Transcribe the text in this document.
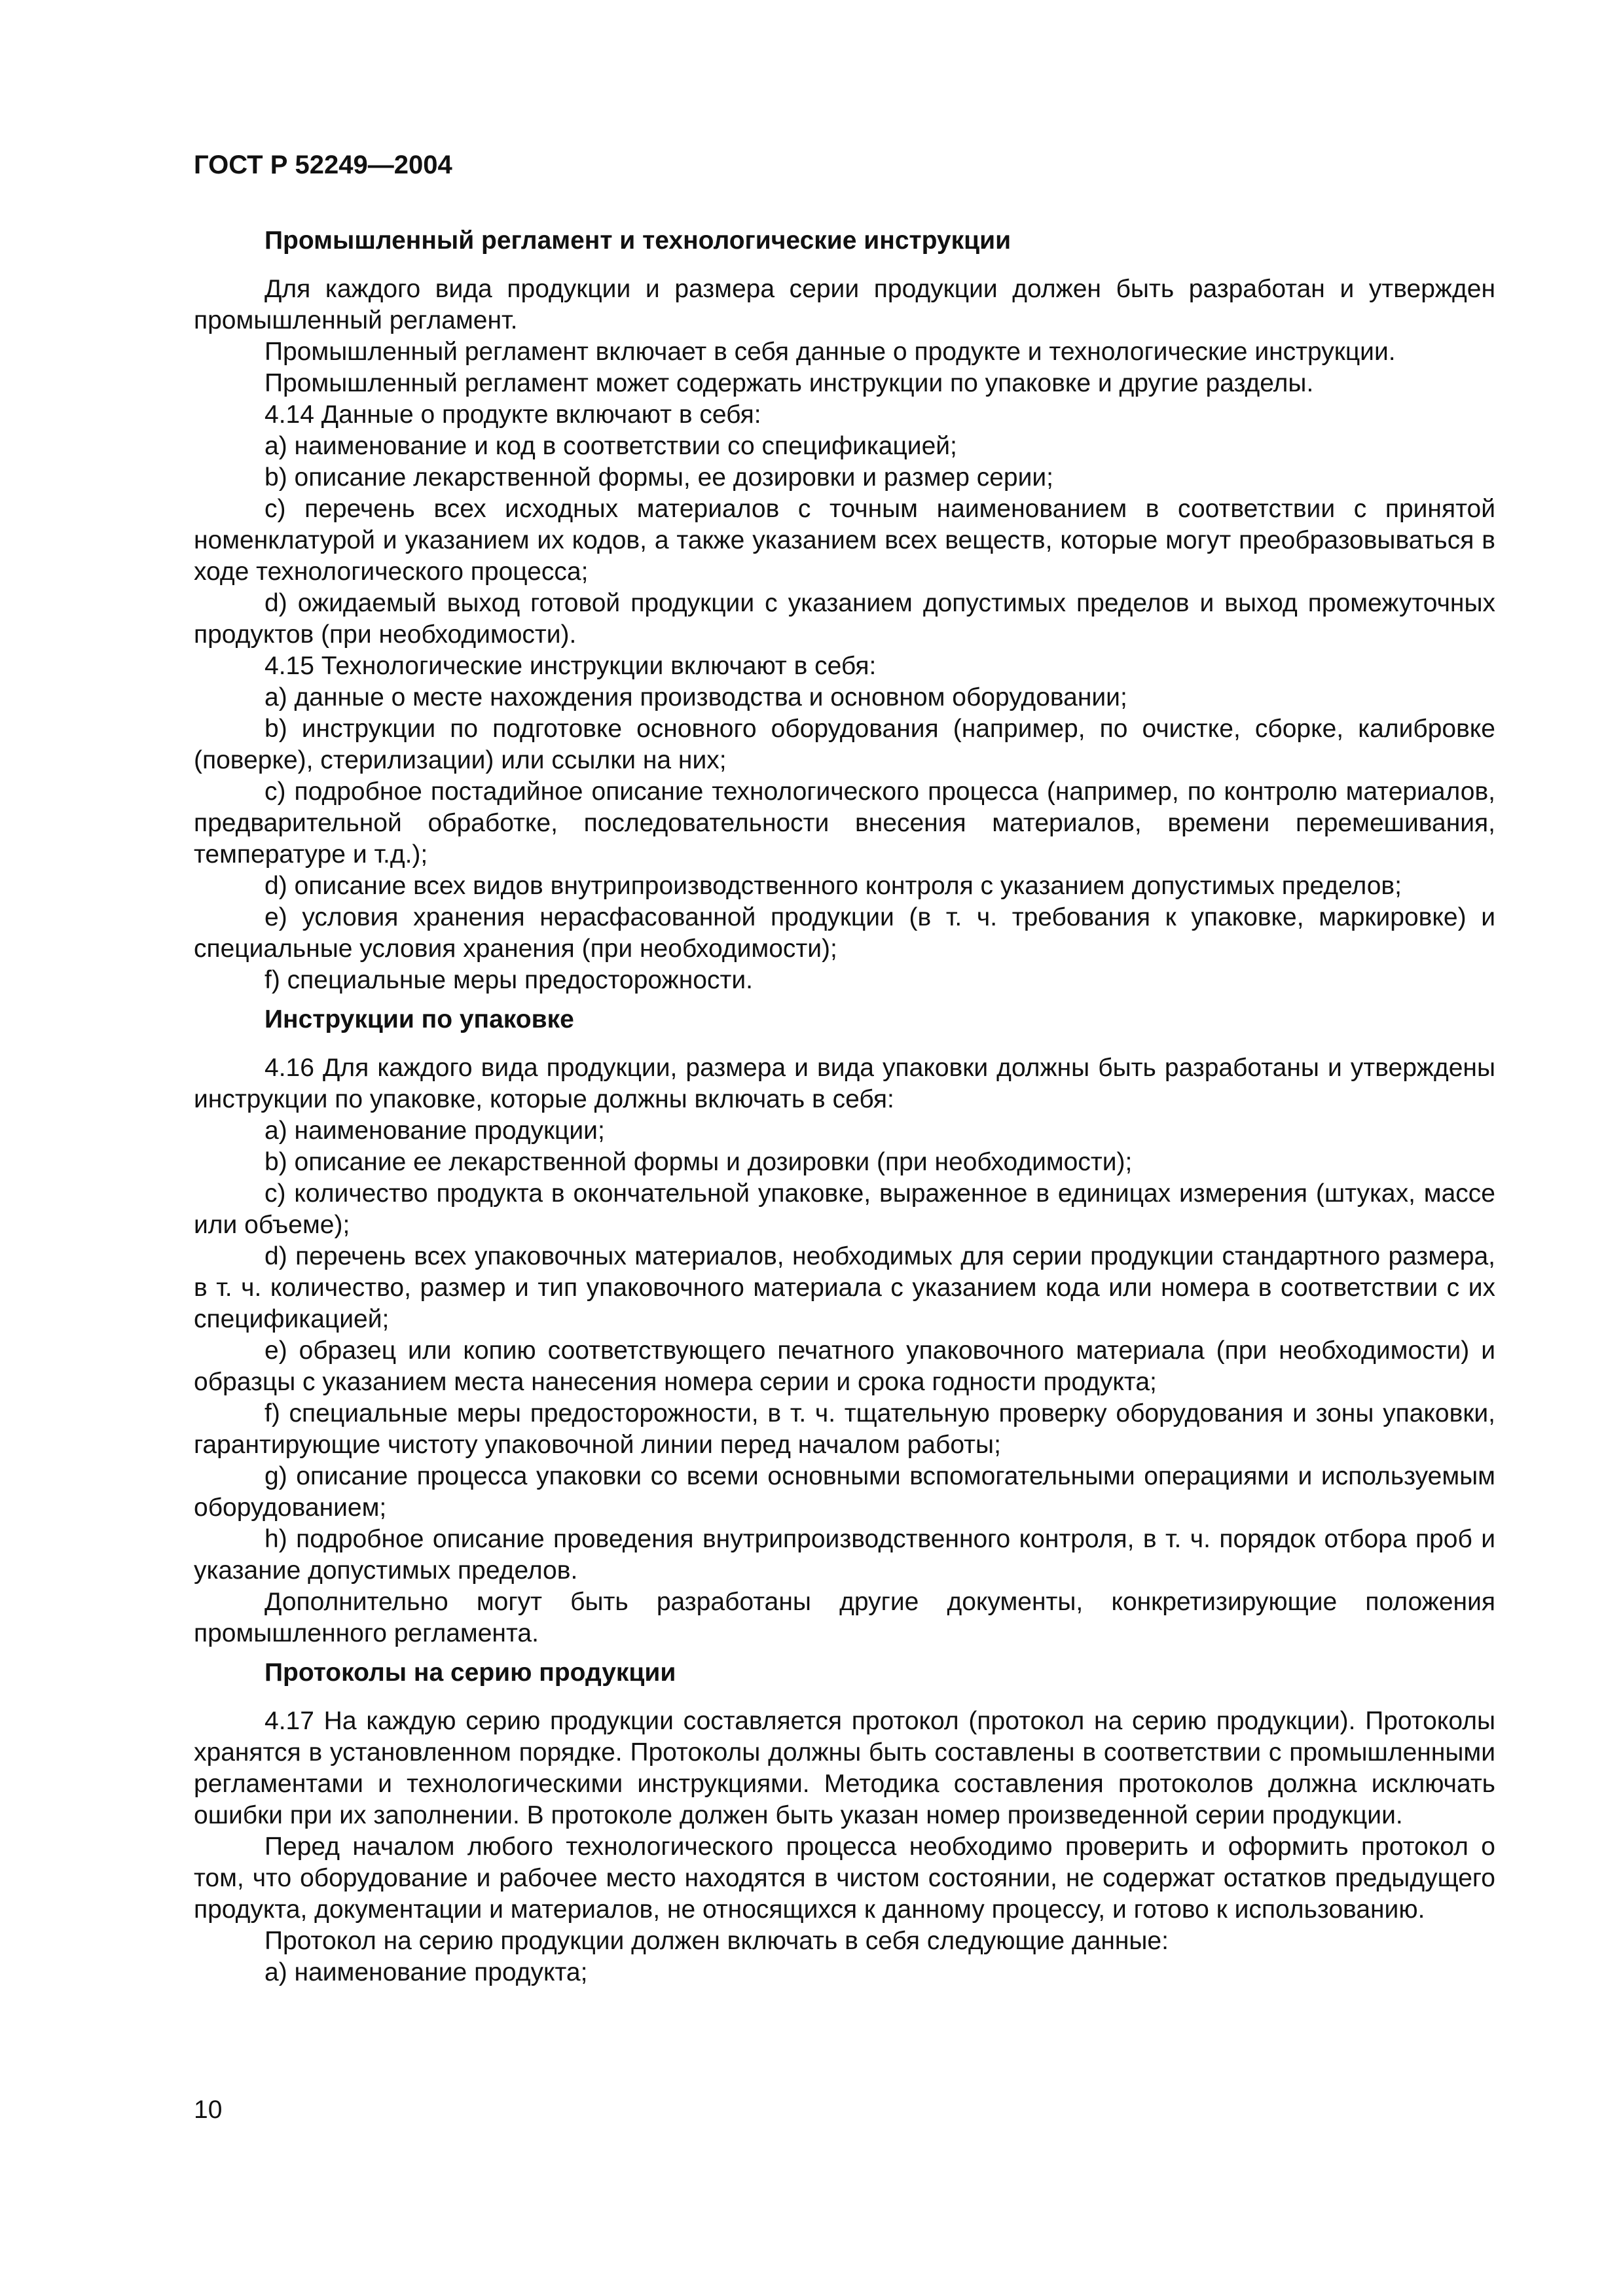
ГОСТ Р 52249—2004
Промышленный регламент и технологические инструкции

Для каждого вида продукции и размера серии продукции должен быть разработан и утвержден промышленный регламент.

Промышленный регламент включает в себя данные о продукте и технологические инструкции.

Промышленный регламент может содержать инструкции по упаковке и другие разделы.

4.14 Данные о продукте включают в себя:

a) наименование и код в соответствии со спецификацией;

b) описание лекарственной формы, ее дозировки и размер серии;

c) перечень всех исходных материалов с точным наименованием в соответствии с принятой номенклатурой и указанием их кодов, а также указанием всех веществ, которые могут преобразовываться в ходе технологического процесса;

d) ожидаемый выход готовой продукции с указанием допустимых пределов и выход промежуточных продуктов (при необходимости).

4.15 Технологические инструкции включают в себя:

a) данные о месте нахождения производства и основном оборудовании;

b) инструкции по подготовке основного оборудования (например, по очистке, сборке, калибровке (поверке), стерилизации) или ссылки на них;

c) подробное постадийное описание технологического процесса (например, по контролю материалов, предварительной обработке, последовательности внесения материалов, времени перемешивания, температуре и т.д.);

d) описание всех видов внутрипроизводственного контроля с указанием допустимых пределов;

e) условия хранения нерасфасованной продукции (в т. ч. требования к упаковке, маркировке) и специальные условия хранения (при необходимости);

f) специальные меры предосторожности.

Инструкции по упаковке

4.16 Для каждого вида продукции, размера и вида упаковки должны быть разработаны и утверждены инструкции по упаковке, которые должны включать в себя:

a) наименование продукции;

b) описание ее лекарственной формы и дозировки (при необходимости);

c) количество продукта в окончательной упаковке, выраженное в единицах измерения (штуках, массе или объеме);

d) перечень всех упаковочных материалов, необходимых для серии продукции стандартного размера, в т. ч. количество, размер и тип упаковочного материала с указанием кода или номера в соответствии с их спецификацией;

e) образец или копию соответствующего печатного упаковочного материала (при необходимости) и образцы с указанием места нанесения номера серии и срока годности продукта;

f) специальные меры предосторожности, в т. ч. тщательную проверку оборудования и зоны упаковки, гарантирующие чистоту упаковочной линии перед началом работы;

g) описание процесса упаковки со всеми основными вспомогательными операциями и используемым оборудованием;

h) подробное описание проведения внутрипроизводственного контроля, в т. ч. порядок отбора проб и указание допустимых пределов.

Дополнительно могут быть разработаны другие документы, конкретизирующие положения промышленного регламента.

Протоколы на серию продукции

4.17 На каждую серию продукции составляется протокол (протокол на серию продукции). Протоколы хранятся в установленном порядке. Протоколы должны быть составлены в соответствии с промышленными регламентами и технологическими инструкциями. Методика составления протоколов должна исключать ошибки при их заполнении. В протоколе должен быть указан номер произведенной серии продукции.

Перед началом любого технологического процесса необходимо проверить и оформить протокол о том, что оборудование и рабочее место находятся в чистом состоянии, не содержат остатков предыдущего продукта, документации и материалов, не относящихся к данному процессу, и готово к использованию.

Протокол на серию продукции должен включать в себя следующие данные:

a) наименование продукта;

10
